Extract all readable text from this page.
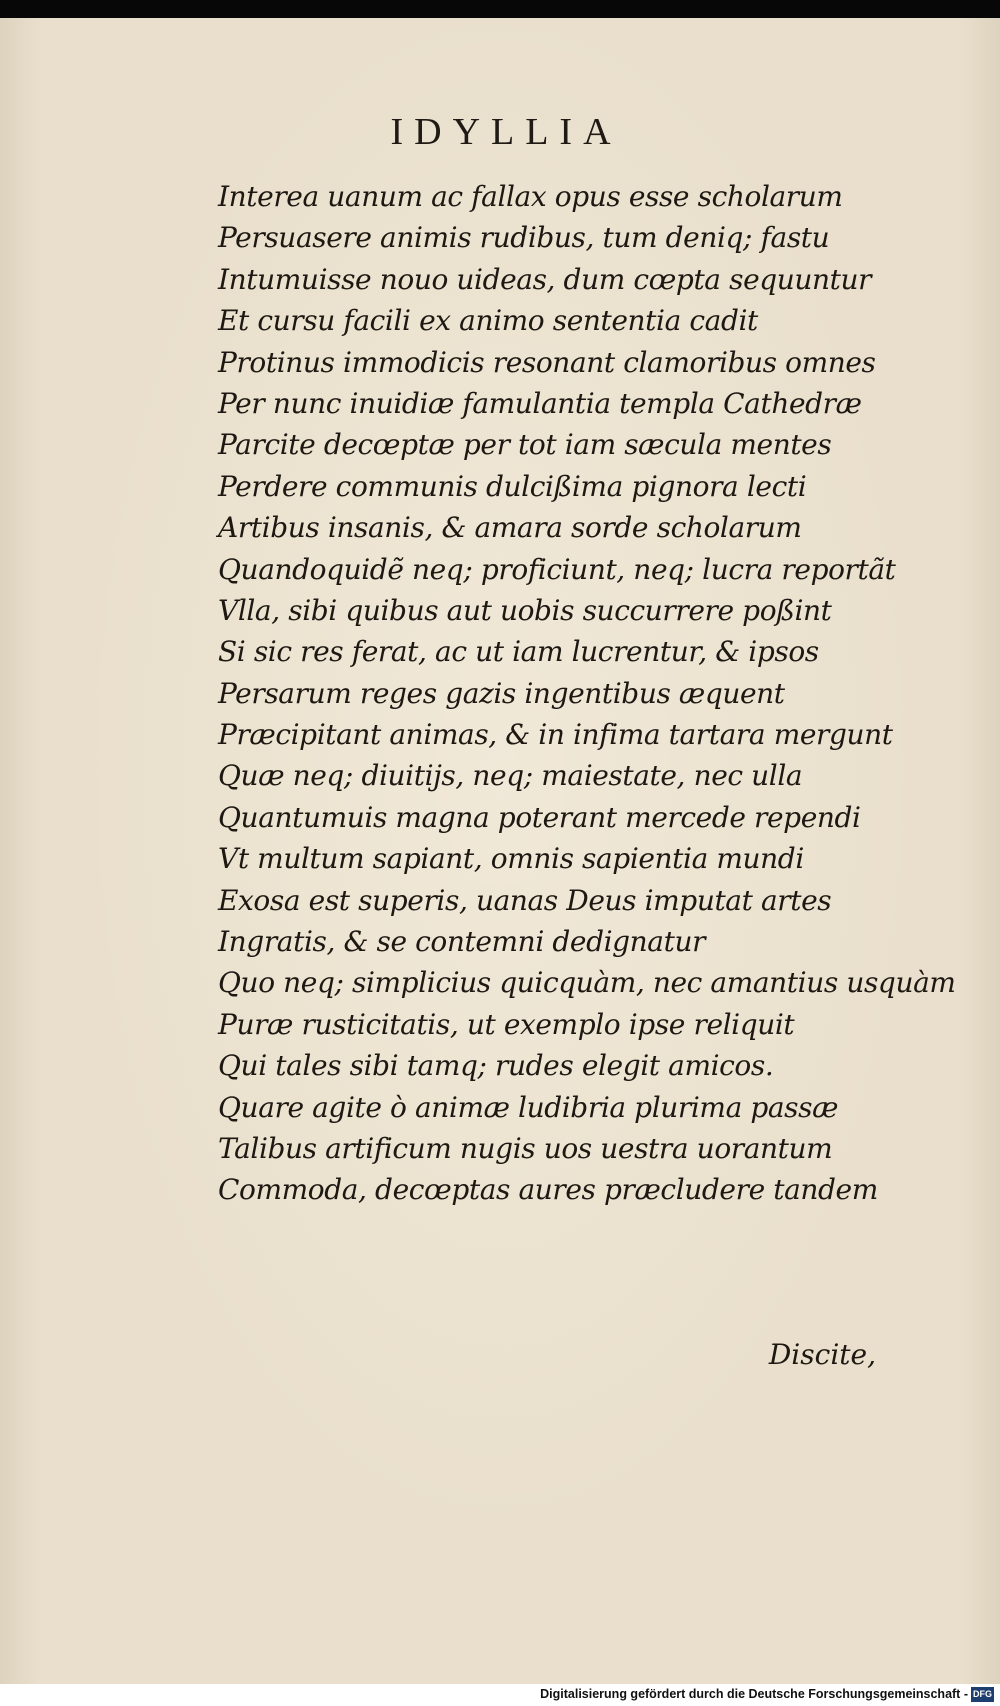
IDYLLIA
Interea uanum ac fallax opus esse scholarum
Persuasere animis rudibus, tum deniq; fastu
Intumuisse nouo uideas, dum cœpta sequuntur
Et cursu facili ex animo sententia cadit
Protinus immodicis resonant clamoribus omnes
Per nunc inuidiæ famulantia templa Cathedræ
Parcite decœptæ per tot iam sæcula mentes
Perdere communis dulcißima pignora lecti
Artibus insanis, & amara sorde scholarum
Quandoquidẽ neq; proficiunt, neq; lucra reportãt
Vlla, sibi quibus aut uobis succurrere poßint
Si sic res ferat, ac ut iam lucrentur, & ipsos
Persarum reges gazis ingentibus æquent
Præcipitant animas, & in infima tartara mergunt
Quæ neq; diuitijs, neq; maiestate, nec ulla
Quantumuis magna poterant mercede rependi
Vt multum sapiant, omnis sapientia mundi
Exosa est superis, uanas Deus imputat artes
Ingratis, & se contemni dedignatur
Quo neq; simplicius quicquàm, nec amantius usquàm
Puræ rusticitatis, ut exemplo ipse reliquit
Qui tales sibi tamq; rudes elegit amicos.
Quare agite ò animæ ludibria plurima passæ
Talibus artificum nugis uos uestra uorantum
Commoda, decœptas aures præcludere tandem
Discite,
Digitalisierung gefördert durch die Deutsche Forschungsgemeinschaft - DFG
